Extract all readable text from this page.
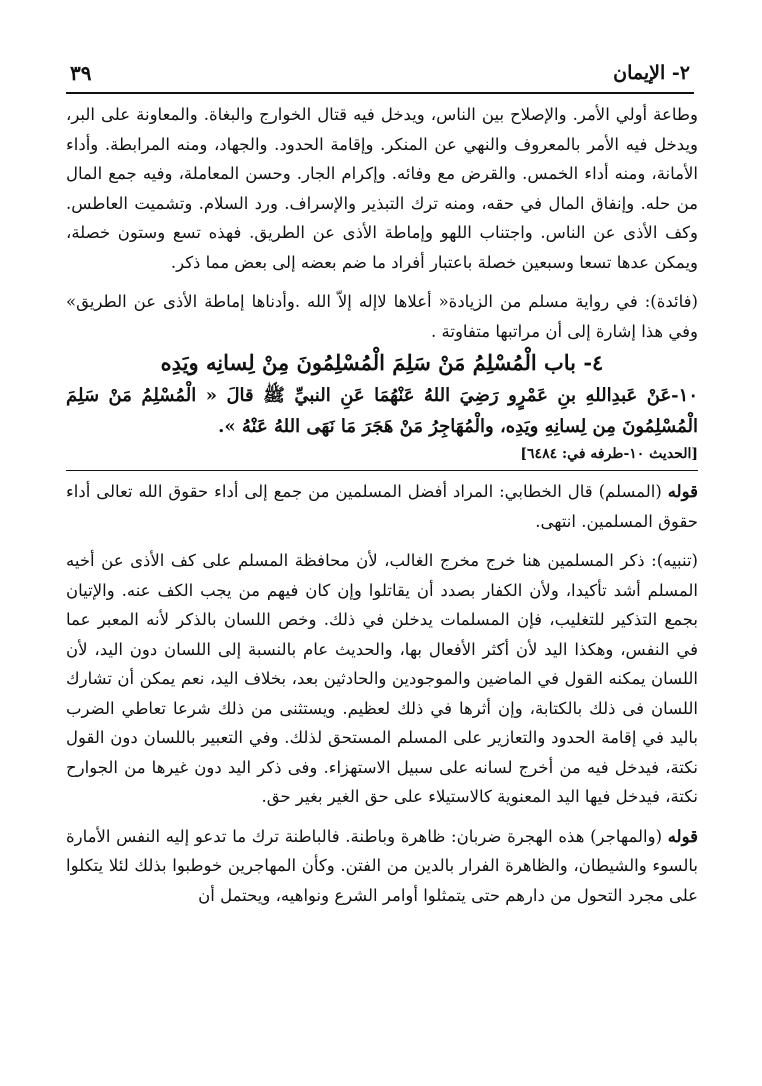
٣٩	٢- الإيمان

وطاعة أولي الأمر. والإصلاح بين الناس، ويدخل فيه قتال الخوارج والبغاة. والمعاونة على البر، ويدخل فيه الأمر بالمعروف والنهي عن المنكر. وإقامة الحدود. والجهاد، ومنه المرابطة. وأداء الأمانة، ومنه أداء الخمس. والقرض مع وفائه. وإكرام الجار. وحسن المعاملة، وفيه جمع المال من حله. وإنفاق المال في حقه، ومنه ترك التبذير والإسراف. ورد السلام. وتشميت العاطس. وكف الأذى عن الناس. واجتناب اللهو وإماطة الأذى عن الطريق. فهذه تسع وستون خصلة، ويمكن عدها تسعا وسبعين خصلة باعتبار أفراد ما ضم بعضه إلى بعض مما ذكر.

(فائدة): في رواية مسلم من الزيادة« أعلاها لاإله إلاّ الله .وأدناها إماطة الأذى عن الطريق» وفي هذا إشارة إلى أن مراتبها متفاوتة .

٤- باب الْمُسْلِمُ مَنْ سَلِمَ الْمُسْلِمُونَ مِنْ لِسانِه ويَدِه

١٠-عَنْ عَبدِاللهِ بنِ عَمْرٍو رَضِيَ اللهُ عَنْهُمَا عَنِ النبيِّ ﷺ قالَ « الْمُسْلِمُ مَنْ سَلِمَ الْمُسْلِمُونَ مِن لِسانِهِ ويَدِه، والْمُهَاجِرُ مَنْ هَجَرَ مَا نَهَى اللهُ عَنْهُ ».

[الحديث ١٠-طرفه في: ٦٤٨٤]

قوله (المسلم) قال الخطابي: المراد أفضل المسلمين من جمع إلى أداء حقوق الله تعالى أداء حقوق المسلمين. انتهى.

(تنبيه): ذكر المسلمين هنا خرج مخرج الغالب، لأن محافظة المسلم على كف الأذى عن أخيه المسلم أشد تأكيدا، ولأن الكفار بصدد أن يقاتلوا وإن كان فيهم من يجب الكف عنه. والإتيان بجمع التذكير للتغليب، فإن المسلمات يدخلن في ذلك. وخص اللسان بالذكر لأنه المعبر عما في النفس، وهكذا اليد لأن أكثر الأفعال بها، والحديث عام بالنسبة إلى اللسان دون اليد، لأن اللسان يمكنه القول في الماضين والموجودين والحادثين بعد، بخلاف اليد، نعم يمكن أن تشارك اللسان فى ذلك بالكتابة، وإن أثرها في ذلك لعظيم. ويستثنى من ذلك شرعا تعاطي الضرب باليد في إقامة الحدود والتعازير على المسلم المستحق لذلك. وفي التعبير باللسان دون القول نكتة، فيدخل فيه من أخرج لسانه على سبيل الاستهزاء. وفى ذكر اليد دون غيرها من الجوارح نكتة، فيدخل فيها اليد المعنوية كالاستيلاء على حق الغير بغير حق.

قوله (والمهاجر) هذه الهجرة ضربان: ظاهرة وباطنة. فالباطنة ترك ما تدعو إليه النفس الأمارة بالسوء والشيطان، والظاهرة الفرار بالدين من الفتن. وكأن المهاجرين خوطبوا بذلك لئلا يتكلوا على مجرد التحول من دارهم حتى يتمثلوا أوامر الشرع ونواهيه، ويحتمل أن
